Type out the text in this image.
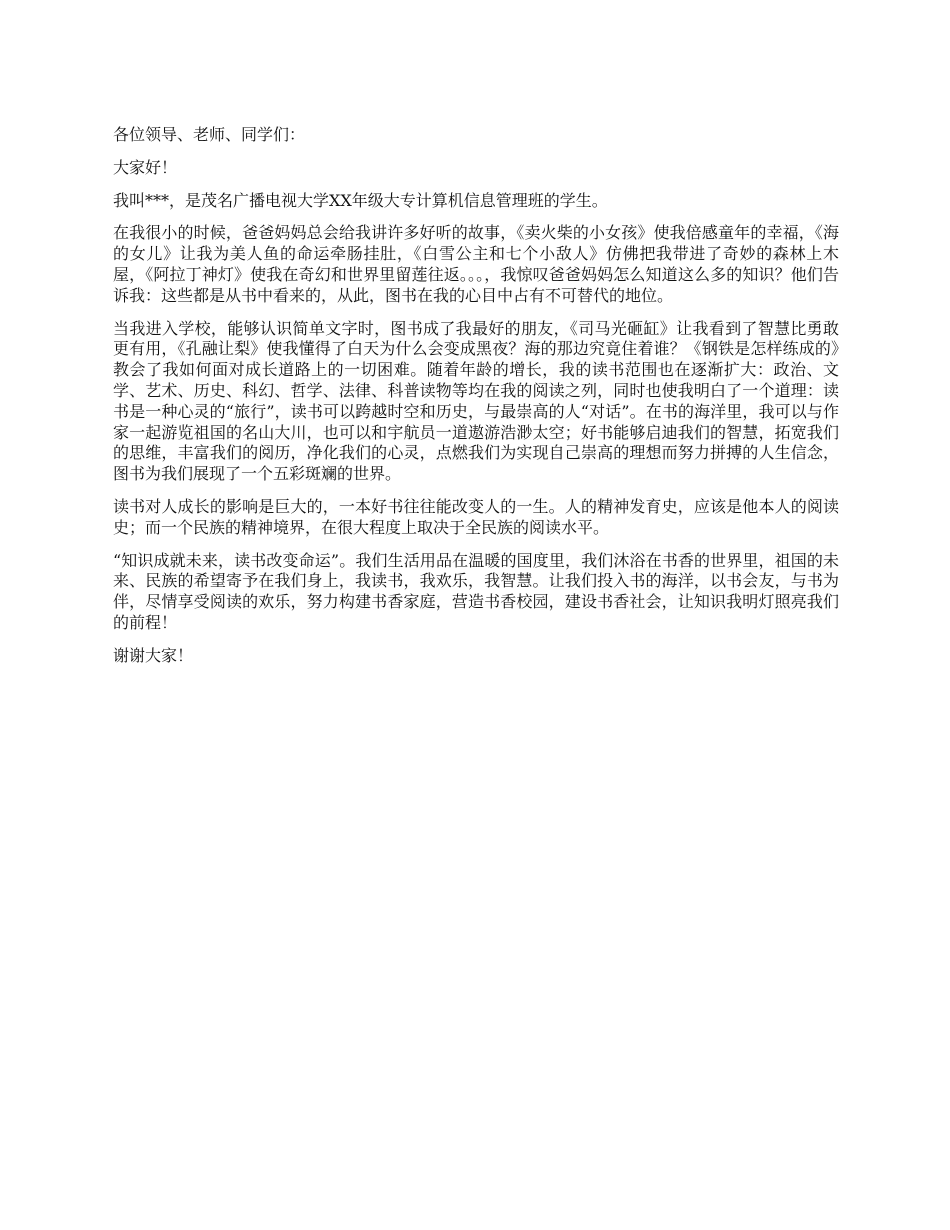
各位领导、老师、同学们：

大家好！

我叫***，是茂名广播电视大学XX年级大专计算机信息管理班的学生。

在我很小的时候，爸爸妈妈总会给我讲许多好听的故事，《卖火柴的小女孩》使我倍感童年的幸福，《海的女儿》让我为美人鱼的命运牵肠挂肚，《白雪公主和七个小敌人》仿佛把我带进了奇妙的森林上木屋，《阿拉丁神灯》使我在奇幻和世界里留莲往返。。。，我惊叹爸爸妈妈怎么知道这么多的知识？他们告诉我：这些都是从书中看来的，从此，图书在我的心目中占有不可替代的地位。

当我进入学校，能够认识简单文字时，图书成了我最好的朋友，《司马光砸缸》让我看到了智慧比勇敢更有用，《孔融让梨》使我懂得了白天为什么会变成黑夜？海的那边究竟住着谁？《钢铁是怎样练成的》教会了我如何面对成长道路上的一切困难。随着年龄的增长，我的读书范围也在逐渐扩大：政治、文学、艺术、历史、科幻、哲学、法律、科普读物等均在我的阅读之列，同时也使我明白了一个道理：读书是一种心灵的“旅行”，读书可以跨越时空和历史，与最崇高的人“对话”。在书的海洋里，我可以与作家一起游览祖国的名山大川，也可以和宇航员一道遨游浩渺太空；好书能够启迪我们的智慧，拓宽我们的思维，丰富我们的阅历，净化我们的心灵，点燃我们为实现自己崇高的理想而努力拼搏的人生信念，图书为我们展现了一个五彩斑斓的世界。

读书对人成长的影响是巨大的，一本好书往往能改变人的一生。人的精神发育史，应该是他本人的阅读史；而一个民族的精神境界，在很大程度上取决于全民族的阅读水平。

“知识成就未来，读书改变命运”。我们生活用品在温暖的国度里，我们沐浴在书香的世界里，祖国的未来、民族的希望寄予在我们身上，我读书，我欢乐，我智慧。让我们投入书的海洋，以书会友，与书为伴，尽情享受阅读的欢乐，努力构建书香家庭，营造书香校园，建设书香社会，让知识我明灯照亮我们的前程！

谢谢大家！
